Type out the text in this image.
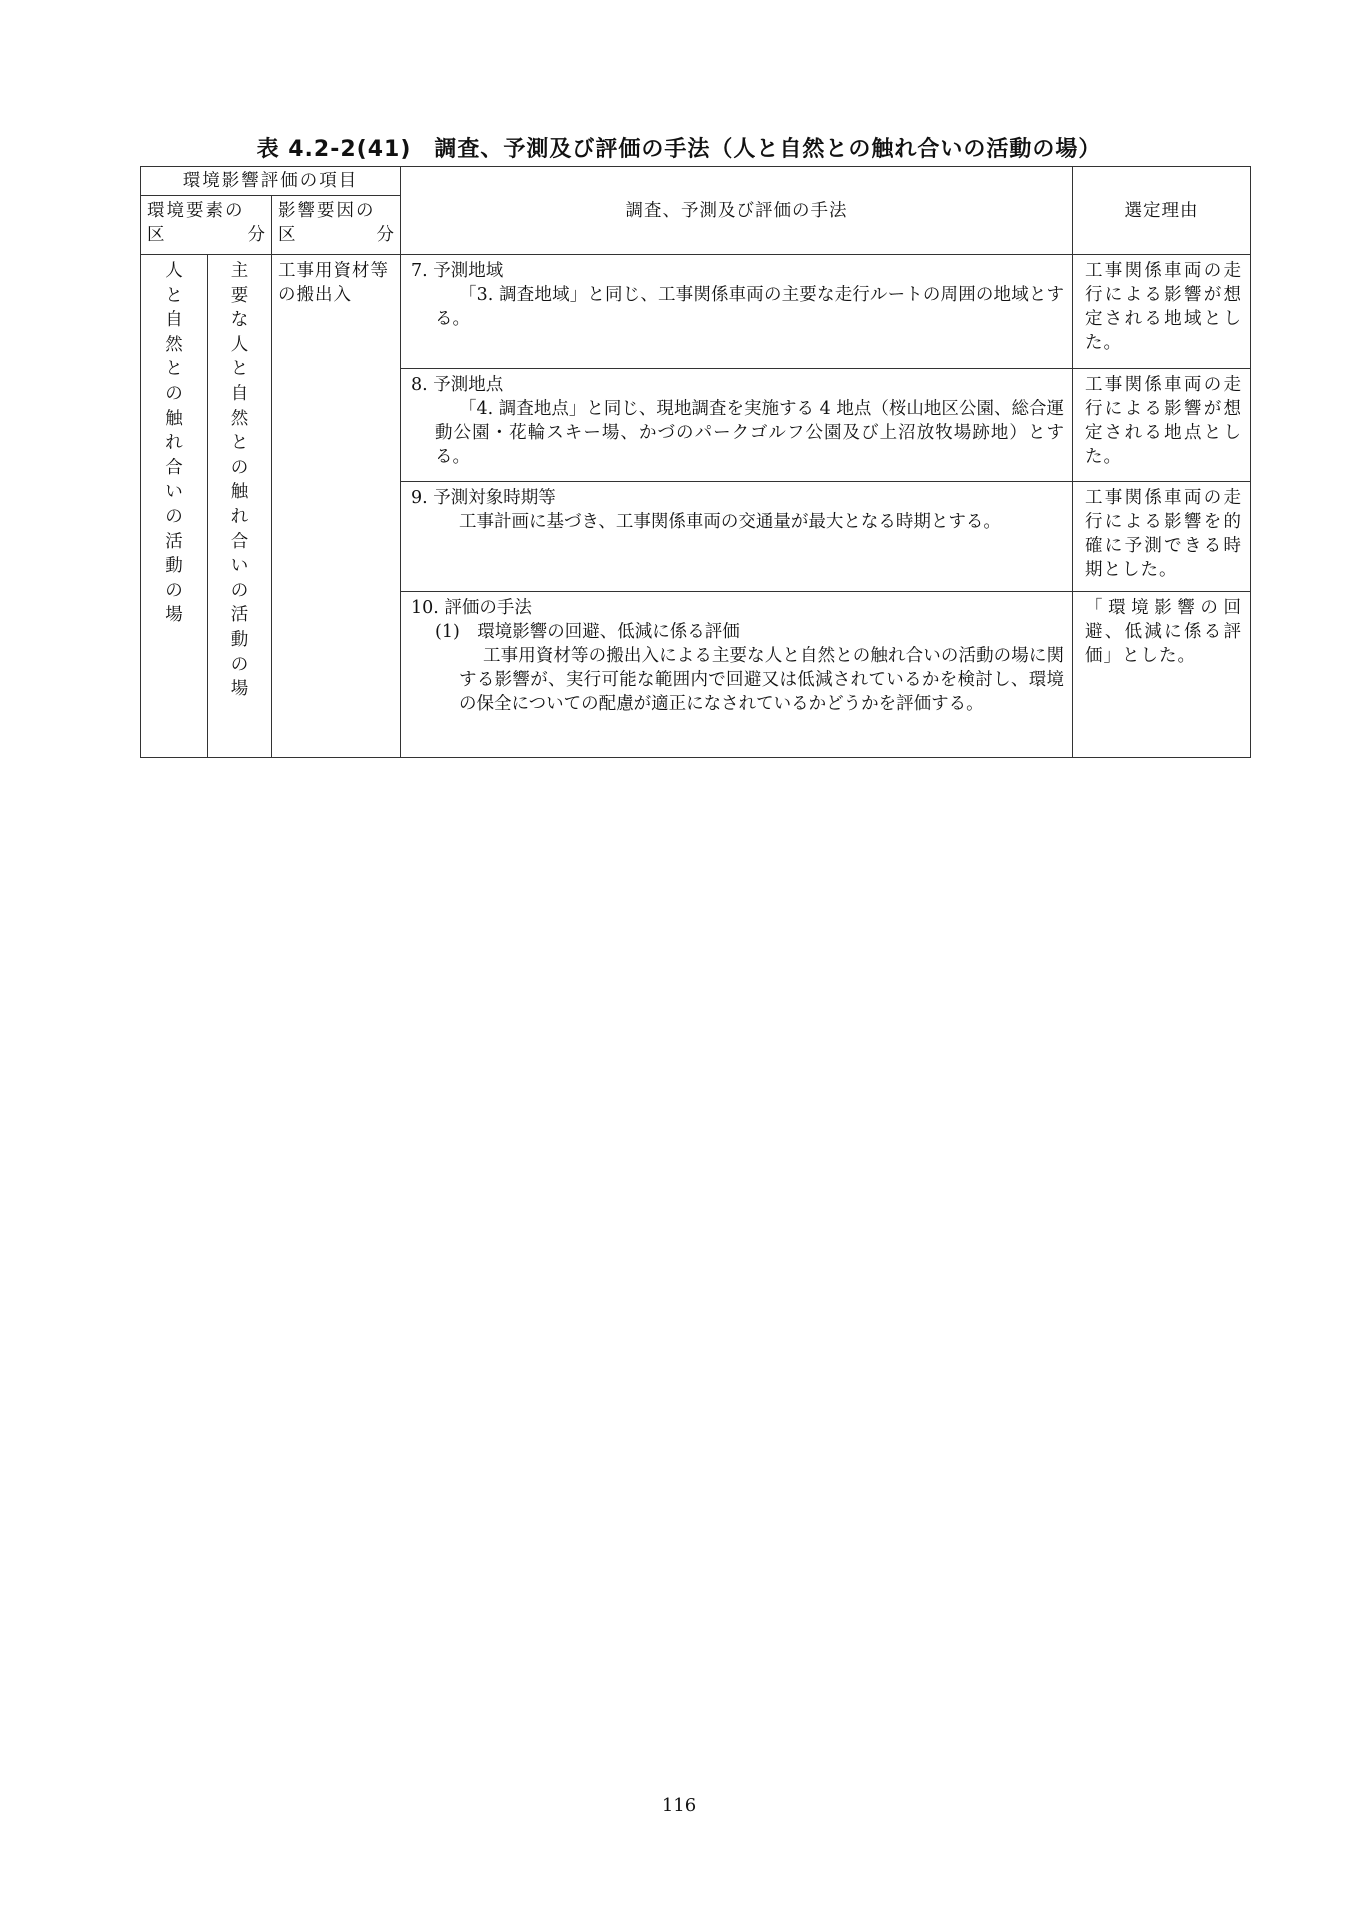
表 4.2-2(41)　調査、予測及び評価の手法（人と自然との触れ合いの活動の場）
環境影響評価の項目			調査、予測及び評価の手法	選定理由

環境要素の
区 分		影響要因の
区 分		

人と自然との触れ合いの活動の場	主要な人と自然との触れ合いの活動の場	工事用資材等の搬出入	7. 予測地域
「3. 調査地域」と同じ、工事関係車両の主要な走行ルートの周囲の地域とする。	工事関係車両の走行による影響が想定される地域とした。

			8. 予測地点
「4. 調査地点」と同じ、現地調査を実施する 4 地点（桜山地区公園、総合運動公園・花輪スキー場、かづのパークゴルフ公園及び上沼放牧場跡地）とする。	工事関係車両の走行による影響が想定される地点とした。

			9. 予測対象時期等
工事計画に基づき、工事関係車両の交通量が最大となる時期とする。	工事関係車両の走行による影響を的確に予測できる時期とした。

			10. 評価の手法
(1)　環境影響の回避、低減に係る評価
工事用資材等の搬出入による主要な人と自然との触れ合いの活動の場に関する影響が、実行可能な範囲内で回避又は低減されているかを検討し、環境の保全についての配慮が適正になされているかどうかを評価する。	「環境影響の回避、低減に係る評価」とした。
116
